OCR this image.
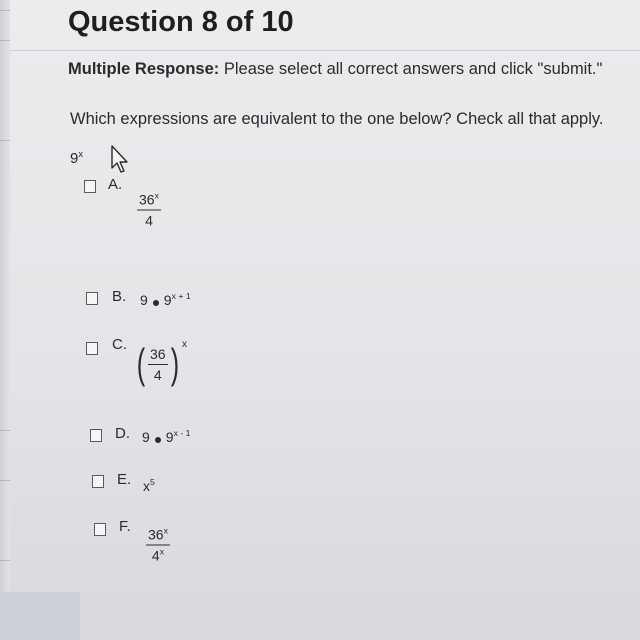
Question 8 of 10
Multiple Response: Please select all correct answers and click "submit."
Which expressions are equivalent to the one below? Check all that apply.
9$^x$
A.
$\frac{36^x}{4}$
B. 9 $9^{x + 1}$
C. ( $\frac{36}{4}$ ) x
D. 9 9$^{x - 1}$
E. $x^5$
F. $\frac{36^x}{4^x}$
